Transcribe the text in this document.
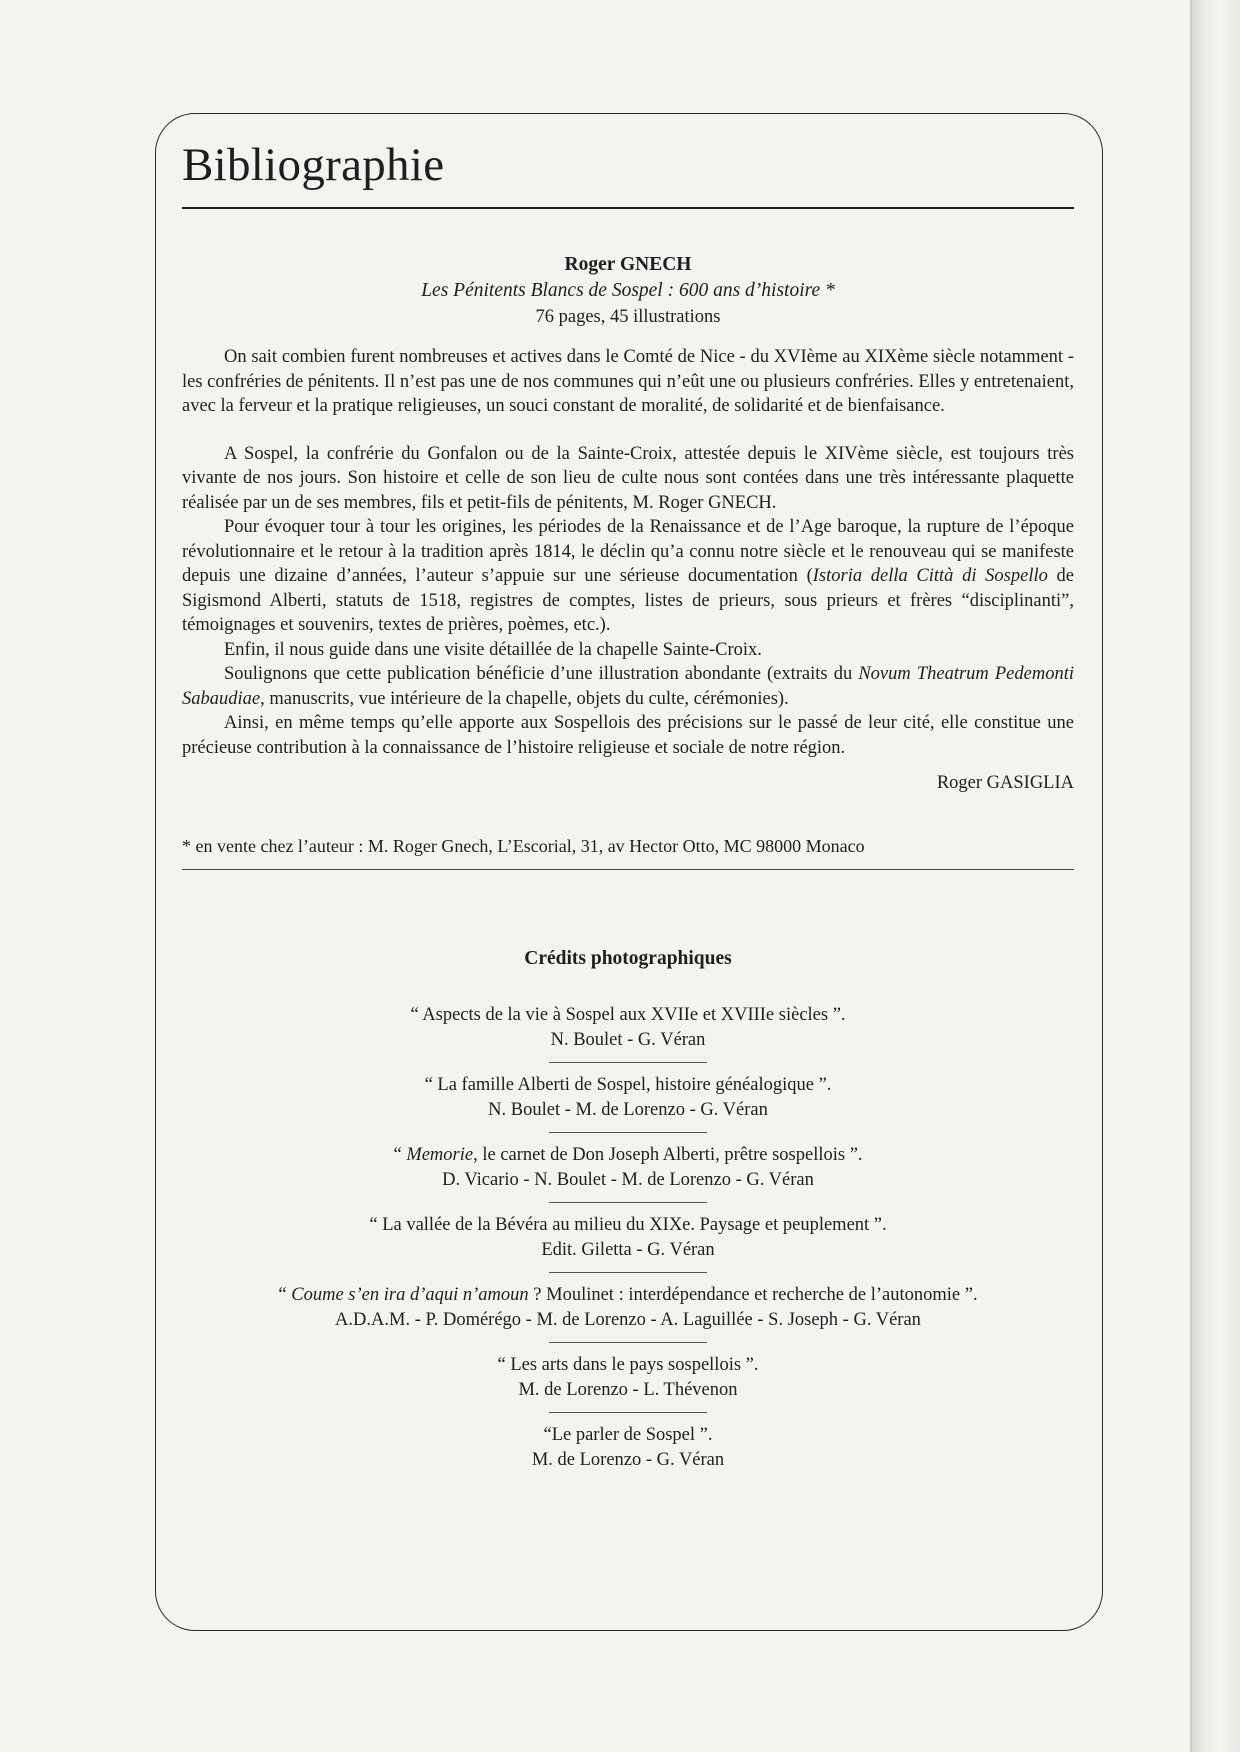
Bibliographie
Roger GNECH
Les Pénitents Blancs de Sospel : 600 ans d’histoire *
76 pages, 45 illustrations

On sait combien furent nombreuses et actives dans le Comté de Nice - du XVIème au XIXème siècle notamment - les confréries de pénitents. Il n’est pas une de nos communes qui n’eût une ou plusieurs confréries. Elles y entretenaient, avec la ferveur et la pratique religieuses, un souci constant de moralité, de solidarité et de bienfaisance.

A Sospel, la confrérie du Gonfalon ou de la Sainte-Croix, attestée depuis le XIVème siècle, est toujours très vivante de nos jours. Son histoire et celle de son lieu de culte nous sont contées dans une très intéressante plaquette réalisée par un de ses membres, fils et petit-fils de pénitents, M. Roger GNECH.

Pour évoquer tour à tour les origines, les périodes de la Renaissance et de l’Age baroque, la rupture de l’époque révolutionnaire et le retour à la tradition après 1814, le déclin qu’a connu notre siècle et le renouveau qui se manifeste depuis une dizaine d’années, l’auteur s’appuie sur une sérieuse documentation (Istoria della Città di Sospello de Sigismond Alberti, statuts de 1518, registres de comptes, listes de prieurs, sous prieurs et frères “disciplinanti”, témoignages et souvenirs, textes de prières, poèmes, etc.).

Enfin, il nous guide dans une visite détaillée de la chapelle Sainte-Croix.

Soulignons que cette publication bénéficie d’une illustration abondante (extraits du Novum Theatrum Pedemonti Sabaudiae, manuscrits, vue intérieure de la chapelle, objets du culte, cérémonies).

Ainsi, en même temps qu’elle apporte aux Sospellois des précisions sur le passé de leur cité, elle constitue une précieuse contribution à la connaissance de l’histoire religieuse et sociale de notre région.

Roger GASIGLIA
* en vente chez l’auteur : M. Roger Gnech, L’Escorial, 31, av Hector Otto, MC 98000 Monaco
Crédits photographiques
“ Aspects de la vie à Sospel aux XVIIe et XVIIIe siècles ”.
N. Boulet - G. Véran
“ La famille Alberti de Sospel, histoire généalogique ”.
N. Boulet - M. de Lorenzo - G. Véran
“ Memorie, le carnet de Don Joseph Alberti, prêtre sospellois ”.
D. Vicario - N. Boulet - M. de Lorenzo - G. Véran
“ La vallée de la Bévéra au milieu du XIXe. Paysage et peuplement ”.
Edit. Giletta - G. Véran
“ Coume s’en ira d’aqui n’amoun ? Moulinet : interdépendance et recherche de l’autonomie ”.
A.D.A.M. - P. Domérégo - M. de Lorenzo - A. Laguillée - S. Joseph - G. Véran
“ Les arts dans le pays sospellois ”.
M. de Lorenzo - L. Thévenon
“Le parler de Sospel ”.
M. de Lorenzo - G. Véran
